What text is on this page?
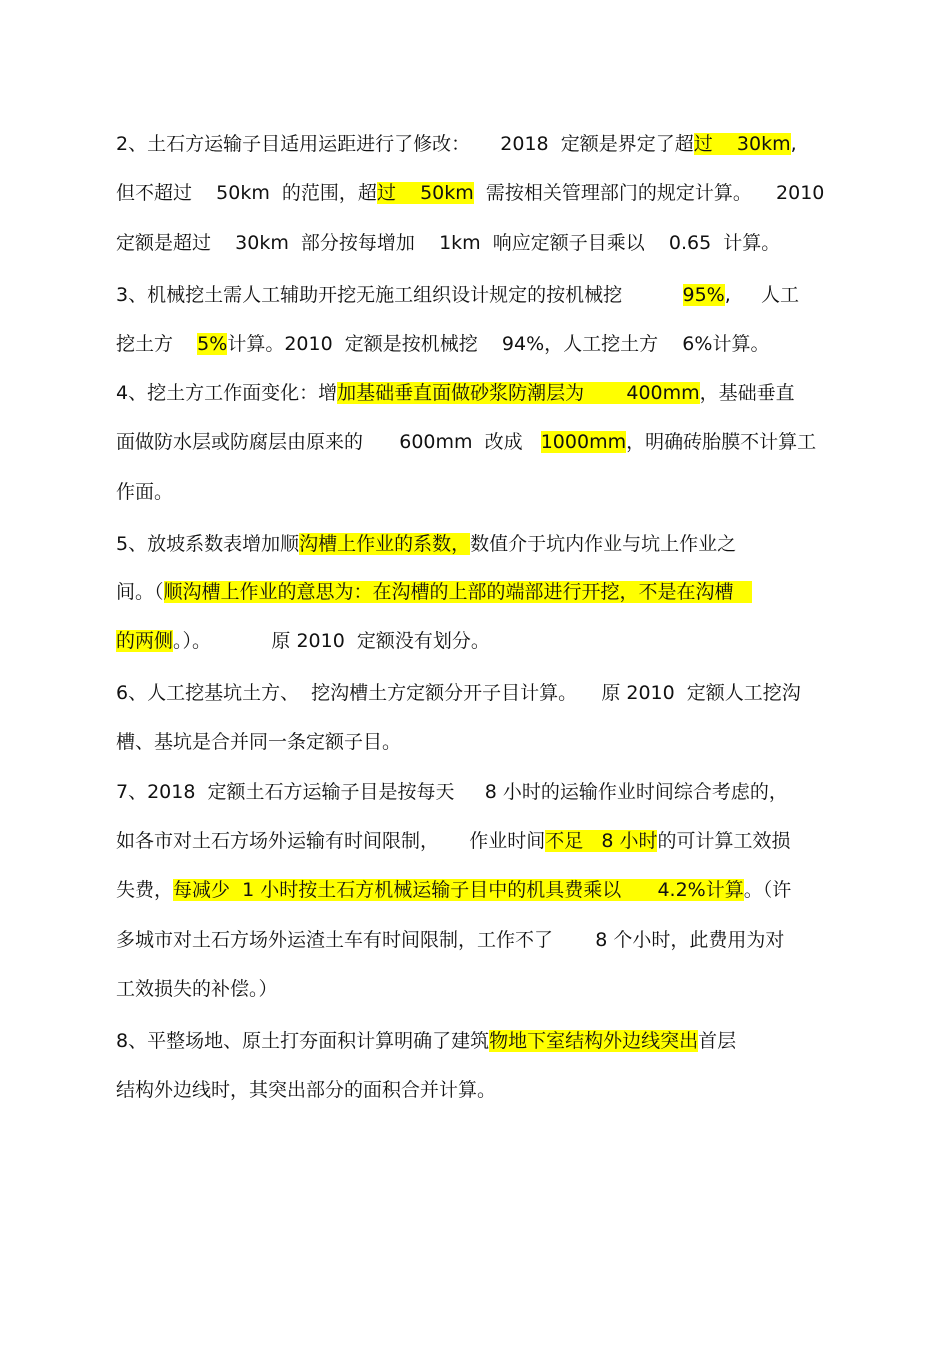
2、土石方运输子目适用运距进行了修改：     2018  定额是界定了超过    30km,
但不超过    50km  的范围，超过    50km  需按相关管理部门的规定计算。    2010
定额是超过    30km  部分按每增加    1km  响应定额子目乘以    0.65  计算。
3、机械挖土需人工辅助开挖无施工组织设计规定的按机械挖          95%,     人工
挖土方    5%计算。2010  定额是按机械挖    94%，人工挖土方    6%计算。
4、挖土方工作面变化：增加基础垂直面做砂浆防潮层为       400mm，基础垂直
面做防水层或防腐层由原来的      600mm  改成   1000mm，明确砖胎膜不计算工
作面。
5、放坡系数表增加顺沟槽上作业的系数，数值介于坑内作业与坑上作业之
间。（顺沟槽上作业的意思为：在沟槽的上部的端部进行开挖，不是在沟槽
的两侧。）。          原 2010  定额没有划分。
6、人工挖基坑土方、  挖沟槽土方定额分开子目计算。    原 2010  定额人工挖沟
槽、基坑是合并同一条定额子目。
7、2018  定额土石方运输子目是按每天     8 小时的运输作业时间综合考虑的，
如各市对土石方场外运输有时间限制，     作业时间不足   8 小时的可计算工效损
失费，每减少  1 小时按土石方机械运输子目中的机具费乘以      4.2%计算。（许
多城市对土石方场外运渣土车有时间限制，工作不了       8 个小时，此费用为对
工效损失的补偿。）
8、平整场地、原土打夯面积计算明确了建筑物地下室结构外边线突出首层
结构外边线时，其突出部分的面积合并计算。
